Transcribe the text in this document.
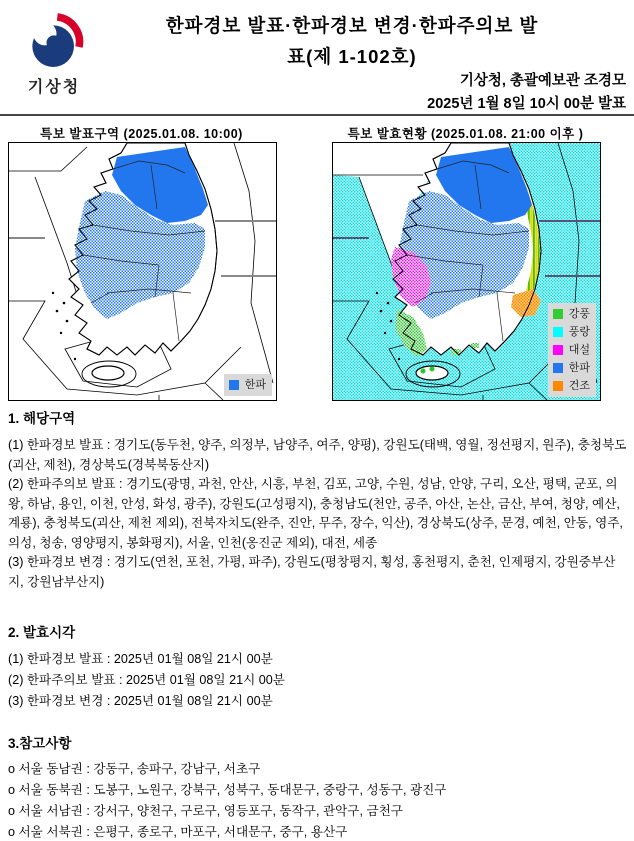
기상청
한파경보 발표·한파경보 변경·한파주의보 발
표(제 1-102호)
기상청, 총괄예보관 조경모
2025년 1월 8일 10시 00분 발표
특보 발표구역 (2025.01.08. 10:00)	특보 발효현황 (2025.01.08. 21:00 이후 )
한파
강풍
풍랑
대설
한파
건조
1. 해당구역

(1) 한파경보 발표 : 경기도(동두천, 양주, 의정부, 남양주, 여주, 양평), 강원도(태백, 영월, 정선평지, 원주), 충청북도(괴산, 제천), 경상북도(경북북동산지)

(2) 한파주의보 발표 : 경기도(광명, 과천, 안산, 시흥, 부천, 김포, 고양, 수원, 성남, 안양, 구리, 오산, 평택, 군포, 의왕, 하남, 용인, 이천, 안성, 화성, 광주), 강원도(고성평지), 충청남도(천안, 공주, 아산, 논산, 금산, 부여, 청양, 예산, 계룡), 충청북도(괴산, 제천 제외), 전북자치도(완주, 진안, 무주, 장수, 익산), 경상북도(상주, 문경, 예천, 안동, 영주, 의성, 청송, 영양평지, 봉화평지), 서울, 인천(옹진군 제외), 대전, 세종

(3) 한파경보 변경 : 경기도(연천, 포천, 가평, 파주), 강원도(평창평지, 횡성, 홍천평지, 춘천, 인제평지, 강원중부산지, 강원남부산지)

2. 발효시각

(1) 한파경보 발표 : 2025년 01월 08일 21시 00분

(2) 한파주의보 발표 : 2025년 01월 08일 21시 00분

(3) 한파경보 변경 : 2025년 01월 08일 21시 00분

3.참고사항

o 서울 동남권 : 강동구, 송파구, 강남구, 서초구

o 서울 동북권 : 도봉구, 노원구, 강북구, 성북구, 동대문구, 중랑구, 성동구, 광진구

o 서울 서남권 : 강서구, 양천구, 구로구, 영등포구, 동작구, 관악구, 금천구

o 서울 서북권 : 은평구, 종로구, 마포구, 서대문구, 중구, 용산구
